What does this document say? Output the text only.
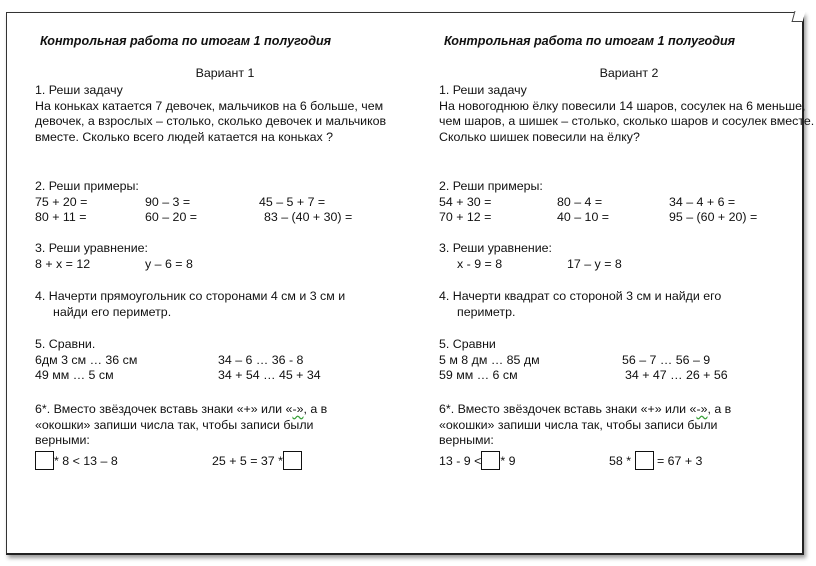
Контрольная работа по итогам 1 полугодия
Вариант 1
1. Реши задачу
На коньках катается 7 девочек, мальчиков на 6 больше, чем девочек, а взрослых – столько, сколько девочек и мальчиков вместе. Сколько всего людей катается на коньках ?
2. Реши примеры:
75 + 20 =	90 – 3 =	45 – 5 + 7 =
80 + 11 =	60 – 20 =	83 – (40 + 30) =
3. Реши уравнение:
8 + х = 12	у – 6 = 8
4. Начерти прямоугольник со сторонами 4 см и 3 см и
найди его периметр.
5. Сравни.
6дм 3 см … 36 см	34 – 6 … 36 - 8
49 мм … 5 см	34 + 54 … 45 + 34
6*. Вместо звёздочек вставь знаки «+» или «-», а в
«окошки» запиши числа так, чтобы записи были
верными:
* 8 < 13 – 8	25 + 5 = 37 *
Контрольная работа по итогам 1 полугодия
Вариант 2
1. Реши задачу
На новогоднюю ёлку повесили 14 шаров, сосулек на 6 меньше, чем шаров, а шишек – столько, сколько шаров и сосулек вместе. Сколько шишек повесили на ёлку?
2. Реши примеры:
54 + 30 =	80 – 4 =	34 – 4 + 6 =
70 + 12 =	40 – 10 =	95 – (60 + 20) =
3. Реши уравнение:
х - 9 = 8	17 – у = 8
4. Начерти квадрат со стороной 3 см и найди его
периметр.
5. Сравни
5 м 8 дм … 85 дм	56 – 7 … 56 – 9
59 мм … 6 см	34 + 47 … 26 + 56
6*. Вместо звёздочек вставь знаки «+» или «-», а в
«окошки» запиши числа так, чтобы записи были
верными:
13 - 9 < * 9	58 * = 67 + 3
